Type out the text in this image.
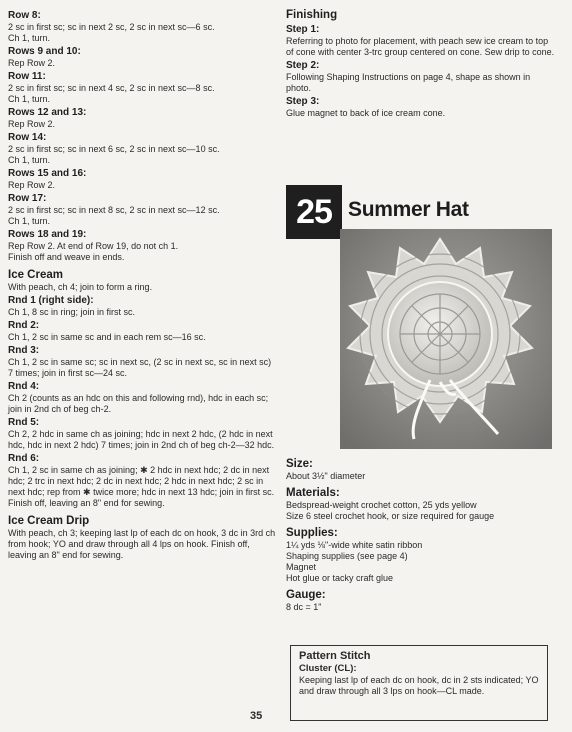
Row 8:
2 sc in first sc; sc in next 2 sc, 2 sc in next sc—6 sc.
Ch 1, turn.
Rows 9 and 10:
Rep Row 2.
Row 11:
2 sc in first sc; sc in next 4 sc, 2 sc in next sc—8 sc.
Ch 1, turn.
Rows 12 and 13:
Rep Row 2.
Row 14:
2 sc in first sc; sc in next 6 sc, 2 sc in next sc—10 sc.
Ch 1, turn.
Rows 15 and 16:
Rep Row 2.
Row 17:
2 sc in first sc; sc in next 8 sc, 2 sc in next sc—12 sc.
Ch 1, turn.
Rows 18 and 19:
Rep Row 2. At end of Row 19, do not ch 1.
Finish off and weave in ends.
Ice Cream
With peach, ch 4; join to form a ring.
Rnd 1 (right side):
Ch 1, 8 sc in ring; join in first sc.
Rnd 2:
Ch 1, 2 sc in same sc and in each rem sc—16 sc.
Rnd 3:
Ch 1, 2 sc in same sc; sc in next sc, (2 sc in next sc, sc in next sc) 7 times; join in first sc—24 sc.
Rnd 4:
Ch 2 (counts as an hdc on this and following rnd), hdc in each sc; join in 2nd ch of beg ch-2.
Rnd 5:
Ch 2, 2 hdc in same ch as joining; hdc in next 2 hdc, (2 hdc in next hdc, hdc in next 2 hdc) 7 times; join in 2nd ch of beg ch-2—32 hdc.
Rnd 6:
Ch 1, 2 sc in same ch as joining; ✱ 2 hdc in next hdc; 2 dc in next hdc; 2 trc in next hdc; 2 dc in next hdc; 2 hdc in next hdc; 2 sc in next hdc; rep from ✱ twice more; hdc in next 13 hdc; join in first sc.
Finish off, leaving an 8" end for sewing.
Ice Cream Drip
With peach, ch 3; keeping last lp of each dc on hook, 3 dc in 3rd ch from hook; YO and draw through all 4 lps on hook. Finish off, leaving an 8" end for sewing.
Finishing
Step 1:
Referring to photo for placement, with peach sew ice cream to top of cone with center 3-trc group centered on cone. Sew drip to cone.
Step 2:
Following Shaping Instructions on page 4, shape as shown in photo.
Step 3:
Glue magnet to back of ice cream cone.
25 Summer Hat
Size:
About 3½" diameter
Materials:
Bedspread-weight crochet cotton, 25 yds yellow
Size 6 steel crochet hook, or size required for gauge
Supplies:
1¼ yds ⅛"-wide white satin ribbon
Shaping supplies (see page 4)
Magnet
Hot glue or tacky craft glue
Gauge:
8 dc = 1"
Pattern Stitch
Cluster (CL):
Keeping last lp of each dc on hook, dc in 2 sts indicated; YO and draw through all 3 lps on hook—CL made.
35
